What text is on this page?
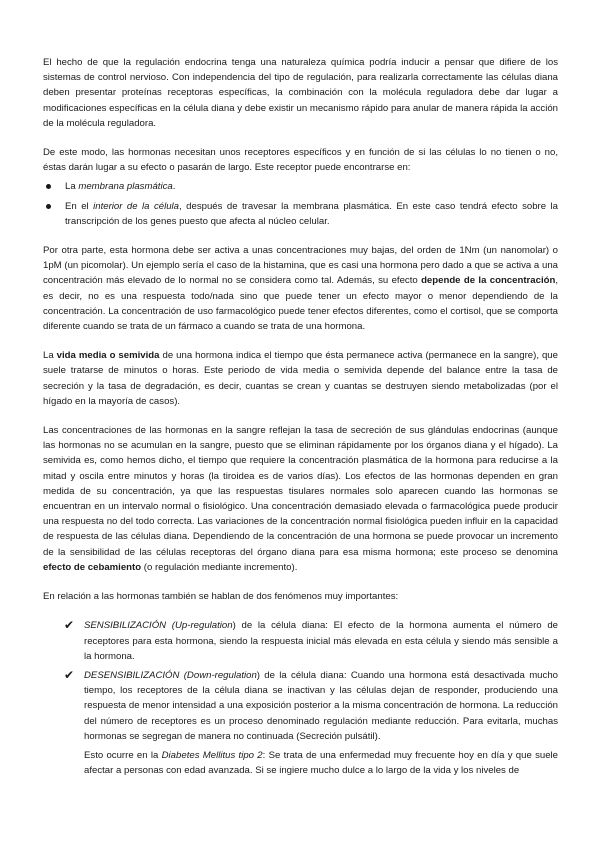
El hecho de que la regulación endocrina tenga una naturaleza química podría inducir a pensar que difiere de los sistemas de control nervioso. Con independencia del tipo de regulación, para realizarla correctamente las células diana deben presentar proteínas receptoras específicas, la combinación con la molécula reguladora debe dar lugar a modificaciones específicas en la célula diana y debe existir un mecanismo rápido para anular de manera rápida la acción de la molécula reguladora.

De este modo, las hormonas necesitan unos receptores específicos y en función de si las células lo no tienen o no, éstas darán lugar a su efecto o pasarán de largo. Este receptor puede encontrarse en:

La membrana plasmática.
En el interior de la célula, después de travesar la membrana plasmática. En este caso tendrá efecto sobre la transcripción de los genes puesto que afecta al núcleo celular.

Por otra parte, esta hormona debe ser activa a unas concentraciones muy bajas, del orden de 1Nm (un nanomolar) o 1pM (un picomolar). Un ejemplo sería el caso de la histamina, que es casi una hormona pero dado a que se activa a una concentración más elevado de lo normal no se considera como tal. Además, su efecto depende de la concentración, es decir, no es una respuesta todo/nada sino que puede tener un efecto mayor o menor dependiendo de la concentración. La concentración de uso farmacológico puede tener efectos diferentes, como el cortisol, que se comporta diferente cuando se trata de un fármaco a cuando se trata de una hormona.

La vida media o semivida de una hormona indica el tiempo que ésta permanece activa (permanece en la sangre), que suele tratarse de minutos o horas. Este periodo de vida media o semivida depende del balance entre la tasa de secreción y la tasa de degradación, es decir, cuantas se crean y cuantas se destruyen siendo metabolizadas (por el hígado en la mayoría de casos).

Las concentraciones de las hormonas en la sangre reflejan la tasa de secreción de sus glándulas endocrinas (aunque las hormonas no se acumulan en la sangre, puesto que se eliminan rápidamente por los órganos diana y el hígado). La semivida es, como hemos dicho, el tiempo que requiere la concentración plasmática de la hormona para reducirse a la mitad y oscila entre minutos y horas (la tiroidea es de varios días). Los efectos de las hormonas dependen en gran medida de su concentración, ya que las respuestas tisulares normales solo aparecen cuando las hormonas se encuentran en un intervalo normal o fisiológico. Una concentración demasiado elevada o farmacológica puede producir una respuesta no del todo correcta. Las variaciones de la concentración normal fisiológica pueden influir en la capacidad de respuesta de las células diana. Dependiendo de la concentración de una hormona se puede provocar un incremento de la sensibilidad de las células receptoras del órgano diana para esa misma hormona; este proceso se denomina efecto de cebamiento (o regulación mediante incremento).

En relación a las hormonas también se hablan de dos fenómenos muy importantes:

✔ SENSIBILIZACIÓN (Up-regulation) de la célula diana: El efecto de la hormona aumenta el número de receptores para esta hormona, siendo la respuesta inicial más elevada en esta célula y siendo más sensible a la hormona.
✔ DESENSIBILIZACIÓN (Down-regulation) de la célula diana: Cuando una hormona está desactivada mucho tiempo, los receptores de la célula diana se inactivan y las células dejan de responder, produciendo una respuesta de menor intensidad a una exposición posterior a la misma concentración de hormona. La reducción del número de receptores es un proceso denominado regulación mediante reducción. Para evitarla, muchas hormonas se segregan de manera no continuada (Secreción pulsátil).
Esto ocurre en la Diabetes Mellitus tipo 2: Se trata de una enfermedad muy frecuente hoy en día y que suele afectar a personas con edad avanzada. Si se ingiere mucho dulce a lo largo de la vida y los niveles de
